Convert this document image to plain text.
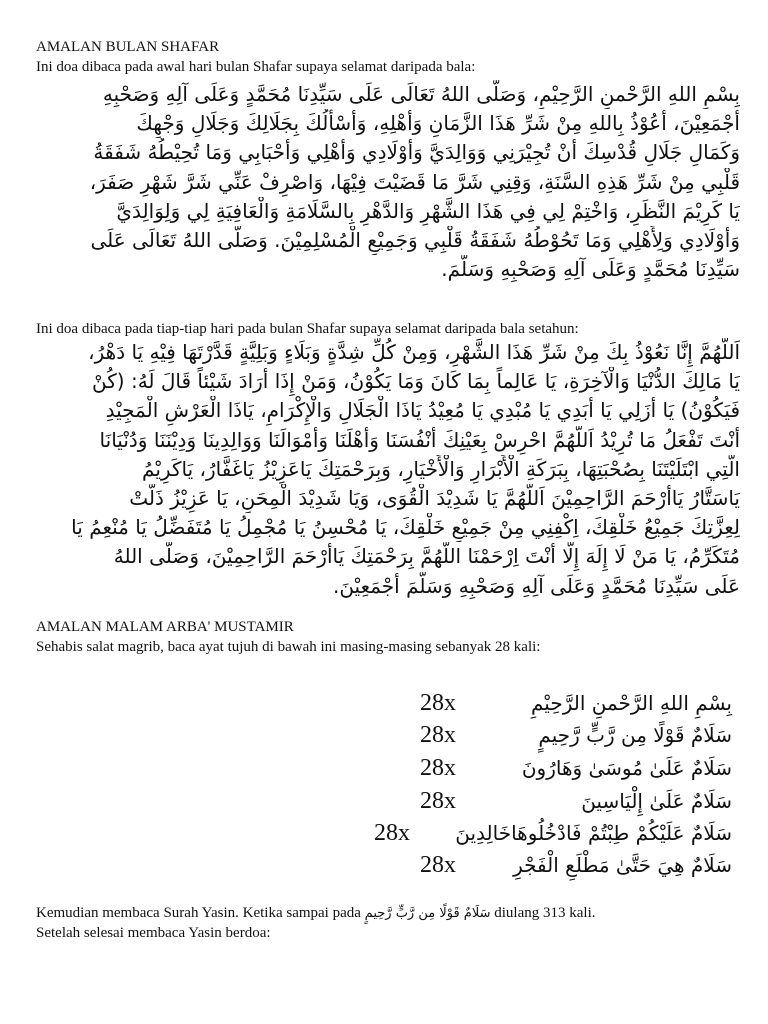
AMALAN BULAN SHAFAR
Ini doa dibaca pada awal hari bulan Shafar supaya selamat daripada bala:
بِسْمِ اللهِ الرَّحْمنِ الرَّحِيْمِ، وَصَلَّى اللهُ تَعَالَى عَلَى سَيِّدِنَا مُحَمَّدٍ وَعَلَى آلِهِ وَصَحْبِهِ
أَجْمَعِيْنَ، أَعُوْذُ بِاللهِ مِنْ شَرِّ هَذَا الزَّمَانِ وَأَهْلِهِ، وَأَسْأَلُكَ بِجَلَالِكَ وَجَلَالِ وَجْهِكَ
وَكَمَالِ جَلَالِ قُدْسِكَ أَنْ تُجِيْرَنِي وَوَالِدَيَّ وَأَوْلَادِي وَأَهْلِي وَأَحْبَابِي وَمَا تُحِيْطُهُ شَفَقَةُ
قَلْبِي مِنْ شَرِّ هَذِهِ السَّنَةِ، وَقِنِي شَرَّ مَا قَضَيْتَ فِيْهَا، وَاصْرِفْ عَنِّي شَرَّ شَهْرِ صَفَرَ،
يَا كَرِيْمَ النَّظَرِ، وَاخْتِمْ لِي فِي هَذَا الشَّهْرِ وَالدَّهْرِ بِالسَّلَامَةِ وَالْعَافِيَةِ لِي وَلِوَالِدَيَّ
وَأَوْلَادِي وَلِأَهْلِي وَمَا تَحُوْطُهُ شَفَقَةُ قَلْبِي وَجَمِيْعِ الْمُسْلِمِيْنَ. وَصَلَّى اللهُ تَعَالَى عَلَى
سَيِّدِنَا مُحَمَّدٍ وَعَلَى آلِهِ وَصَحْبِهِ وَسَلَّمَ.
Ini doa dibaca pada tiap-tiap hari pada bulan Shafar supaya selamat daripada bala setahun:
اَللَّهُمَّ إِنَّا نَعُوْذُ بِكَ مِنْ شَرِّ هَذَا الشَّهْرِ، وَمِنْ كُلِّ شِدَّةٍ وَبَلَاءٍ وَبَلِيَّةٍ قَدَّرْتَهَا فِيْهِ يَا دَهْرُ،
يَا مَالِكَ الدُّنْيَا وَالْآخِرَةِ، يَا عَالِماً بِمَا كَانَ وَمَا يَكُوْنُ، وَمَنْ إِذَا أَرَادَ شَيْئاً قَالَ لَهُ: (كُنْ
فَيَكُوْنُ) يَا أَزَلِي يَا أَبَدِي يَا مُبْدِي يَا مُعِيْدُ يَاذَا الْجَلَالِ وَالْإِكْرَامِ، يَاذَا الْعَرْشِ الْمَجِيْدِ
أَنْتَ تَفْعَلُ مَا تُرِيْدُ اَللَّهُمَّ احْرِسْ بِعَيْنِكَ أَنْفُسَنَا وَأَهْلَنَا وَأَمْوَالَنَا وَوَالِدِينَا وَدِيْنَنَا وَدُنْيَانَا
الَّتِي ابْتَلَيْتَنَا بِصُحْبَتِهَا، بِبَرَكَةِ الْأَبْرَارِ وَالْأَخْيَارِ، وَبِرَحْمَتِكَ يَاعَزِيْزُ يَاغَفَّارُ، يَاكَرِيْمُ
يَاسَتَّارُ يَاأَرْحَمَ الرَّاحِمِيْنَ اَللَّهُمَّ يَا شَدِيْدَ الْقُوَى، وَيَا شَدِيْدَ الْمِحَنِ، يَا عَزِيْزُ ذَلَّتْ
لِعِزَّتِكَ جَمِيْعُ خَلْقِكَ، اِكْفِنِي مِنْ جَمِيْعِ خَلْقِكَ، يَا مُحْسِنُ يَا مُجْمِلُ يَا مُتَفَضِّلُ يَا مُنْعِمُ يَا
مُتَكَرِّمُ، يَا مَنْ لَا إِلَهَ إِلَّا أَنْتَ اِرْحَمْنَا اللَّهُمَّ بِرَحْمَتِكَ يَاأَرْحَمَ الرَّاحِمِيْنَ، وَصَلَّى اللهُ
عَلَى سَيِّدِنَا مُحَمَّدٍ وَعَلَى آلِهِ وَصَحْبِهِ وَسَلَّمَ أَجْمَعِيْنَ.
AMALAN MALAM ARBA' MUSTAMIR
Sehabis salat magrib, baca ayat tujuh di bawah ini masing-masing sebanyak 28 kali:
28x	بِسْمِ اللهِ الرَّحْمنِ الرَّحِيْمِ
28x	سَلَامٌ قَوْلًا مِن رَّبٍّ رَّحِيمٍ
28x	سَلَامٌ عَلَىٰ مُوسَىٰ وَهَارُونَ
28x	سَلَامٌ عَلَىٰ إِلْيَاسِينَ
28x سَلَامٌ عَلَيْكُمْ طِبْتُمْ فَادْخُلُوهَاخَالِدِينَ
28x	سَلَامٌ هِيَ حَتَّىٰ مَطْلَعِ الْفَجْرِ
Kemudian membaca Surah Yasin. Ketika sampai pada سَلَامٌ قَوْلًا مِن رَّبٍّ رَّحِيمٍ diulang 313 kali.
Setelah selesai membaca Yasin berdoa:
